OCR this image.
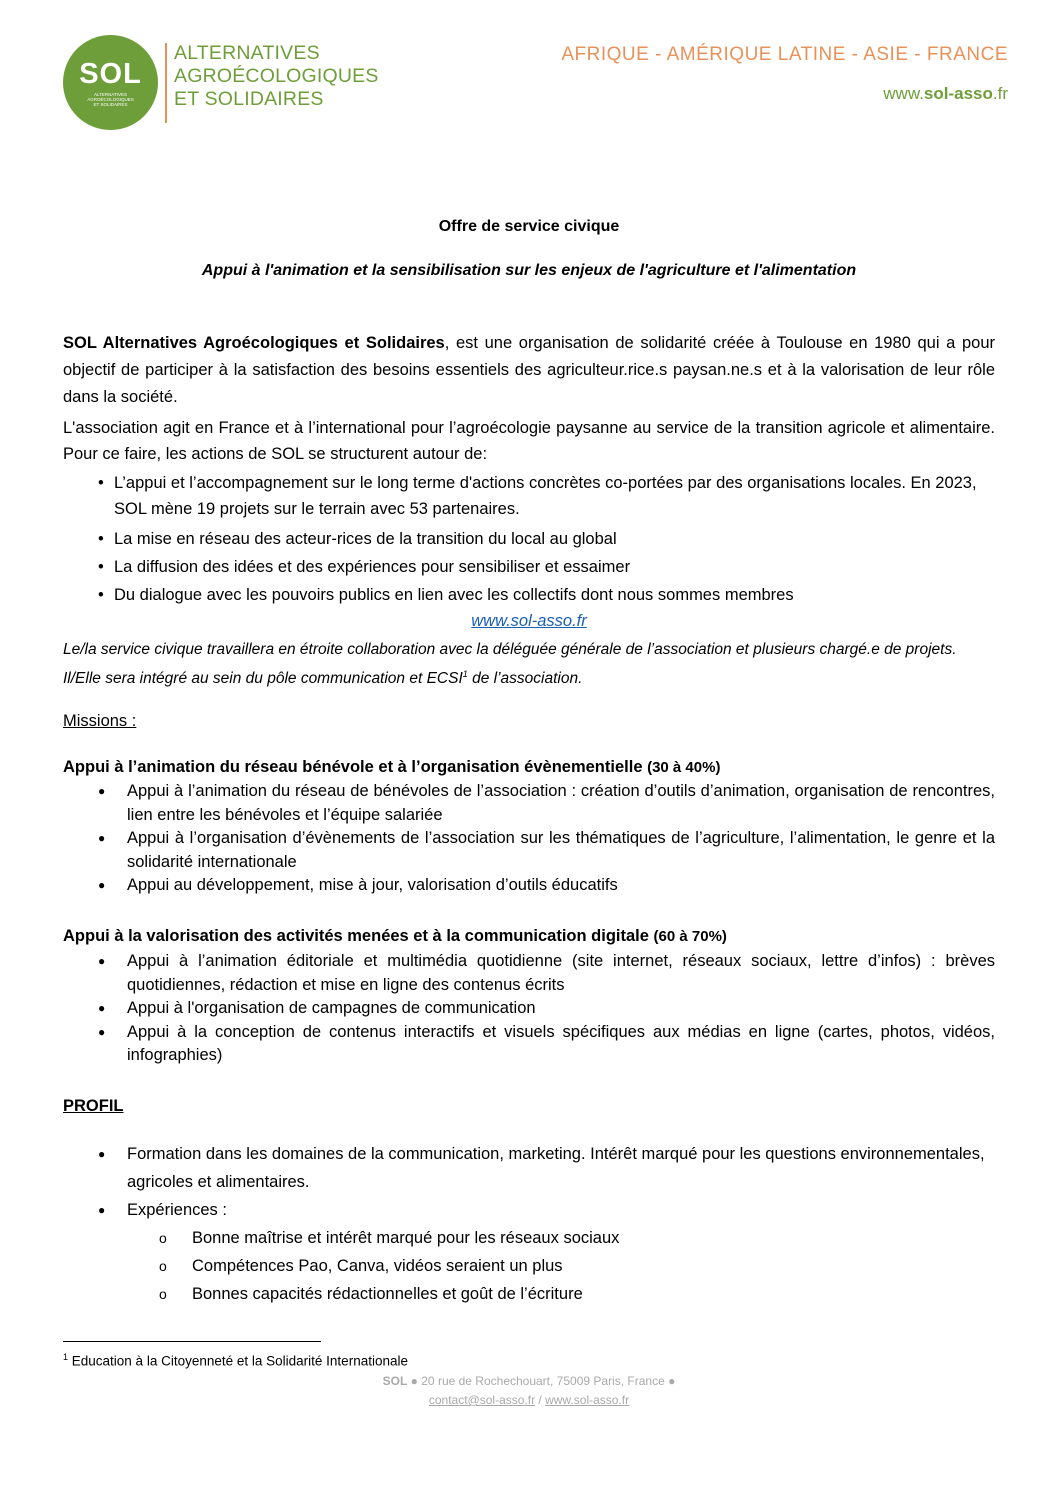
SOL
ALTERNATIVES
AGROÉCOLOGIQUES
ET SOLIDAIRES
ALTERNATIVES
AGROÉCOLOGIQUES
ET SOLIDAIRES
AFRIQUE - AMÉRIQUE LATINE - ASIE - FRANCE
www.sol-asso.fr
Offre de service civique
Appui à l'animation et la sensibilisation sur les enjeux de l'agriculture et l'alimentation
SOL Alternatives Agroécologiques et Solidaires, est une organisation de solidarité créée à Toulouse en 1980 qui a pour objectif de participer à la satisfaction des besoins essentiels des agriculteur.rice.s paysan.ne.s et à la valorisation de leur rôle dans la société.
L'association agit en France et à l’international pour l’agroécologie paysanne au service de la transition agricole et alimentaire. Pour ce faire, les actions de SOL se structurent autour de:
• L’appui et l’accompagnement sur le long terme d'actions concrètes co-portées par des organisations locales. En 2023, SOL mène 19 projets sur le terrain avec 53 partenaires.
• La mise en réseau des acteur-rices de la transition du local au global
• La diffusion des idées et des expériences pour sensibiliser et essaimer
• Du dialogue avec les pouvoirs publics en lien avec les collectifs dont nous sommes membres
www.sol-asso.fr
Le/la service civique travaillera en étroite collaboration avec la déléguée générale de l’association et plusieurs chargé.e de projets. Il/Elle sera intégré au sein du pôle communication et ECSI$^1$ de l’association.
Missions :
Appui à l’animation du réseau bénévole et à l’organisation évènementielle (30 à 40%)
● Appui à l’animation du réseau de bénévoles de l’association : création d’outils d’animation, organisation de rencontres, lien entre les bénévoles et l’équipe salariée
● Appui à l’organisation d’évènements de l’association sur les thématiques de l’agriculture, l’alimentation, le genre et la solidarité internationale
● Appui au développement, mise à jour, valorisation d’outils éducatifs
Appui à la valorisation des activités menées et à la communication digitale (60 à 70%)
● Appui à l’animation éditoriale et multimédia quotidienne (site internet, réseaux sociaux, lettre d’infos) : brèves quotidiennes, rédaction et mise en ligne des contenus écrits
● Appui à l'organisation de campagnes de communication
● Appui à la conception de contenus interactifs et visuels spécifiques aux médias en ligne (cartes, photos, vidéos, infographies)
PROFIL
● Formation dans les domaines de la communication, marketing. Intérêt marqué pour les questions environnementales, agricoles et alimentaires.
● Expériences :
o Bonne maîtrise et intérêt marqué pour les réseaux sociaux
o Compétences Pao, Canva, vidéos seraient un plus
o Bonnes capacités rédactionnelles et goût de l’écriture
$^1$ Education à la Citoyenneté et la Solidarité Internationale
SOL ● 20 rue de Rochechouart, 75009 Paris, France ●
contact@sol-asso.fr / www.sol-asso.fr
